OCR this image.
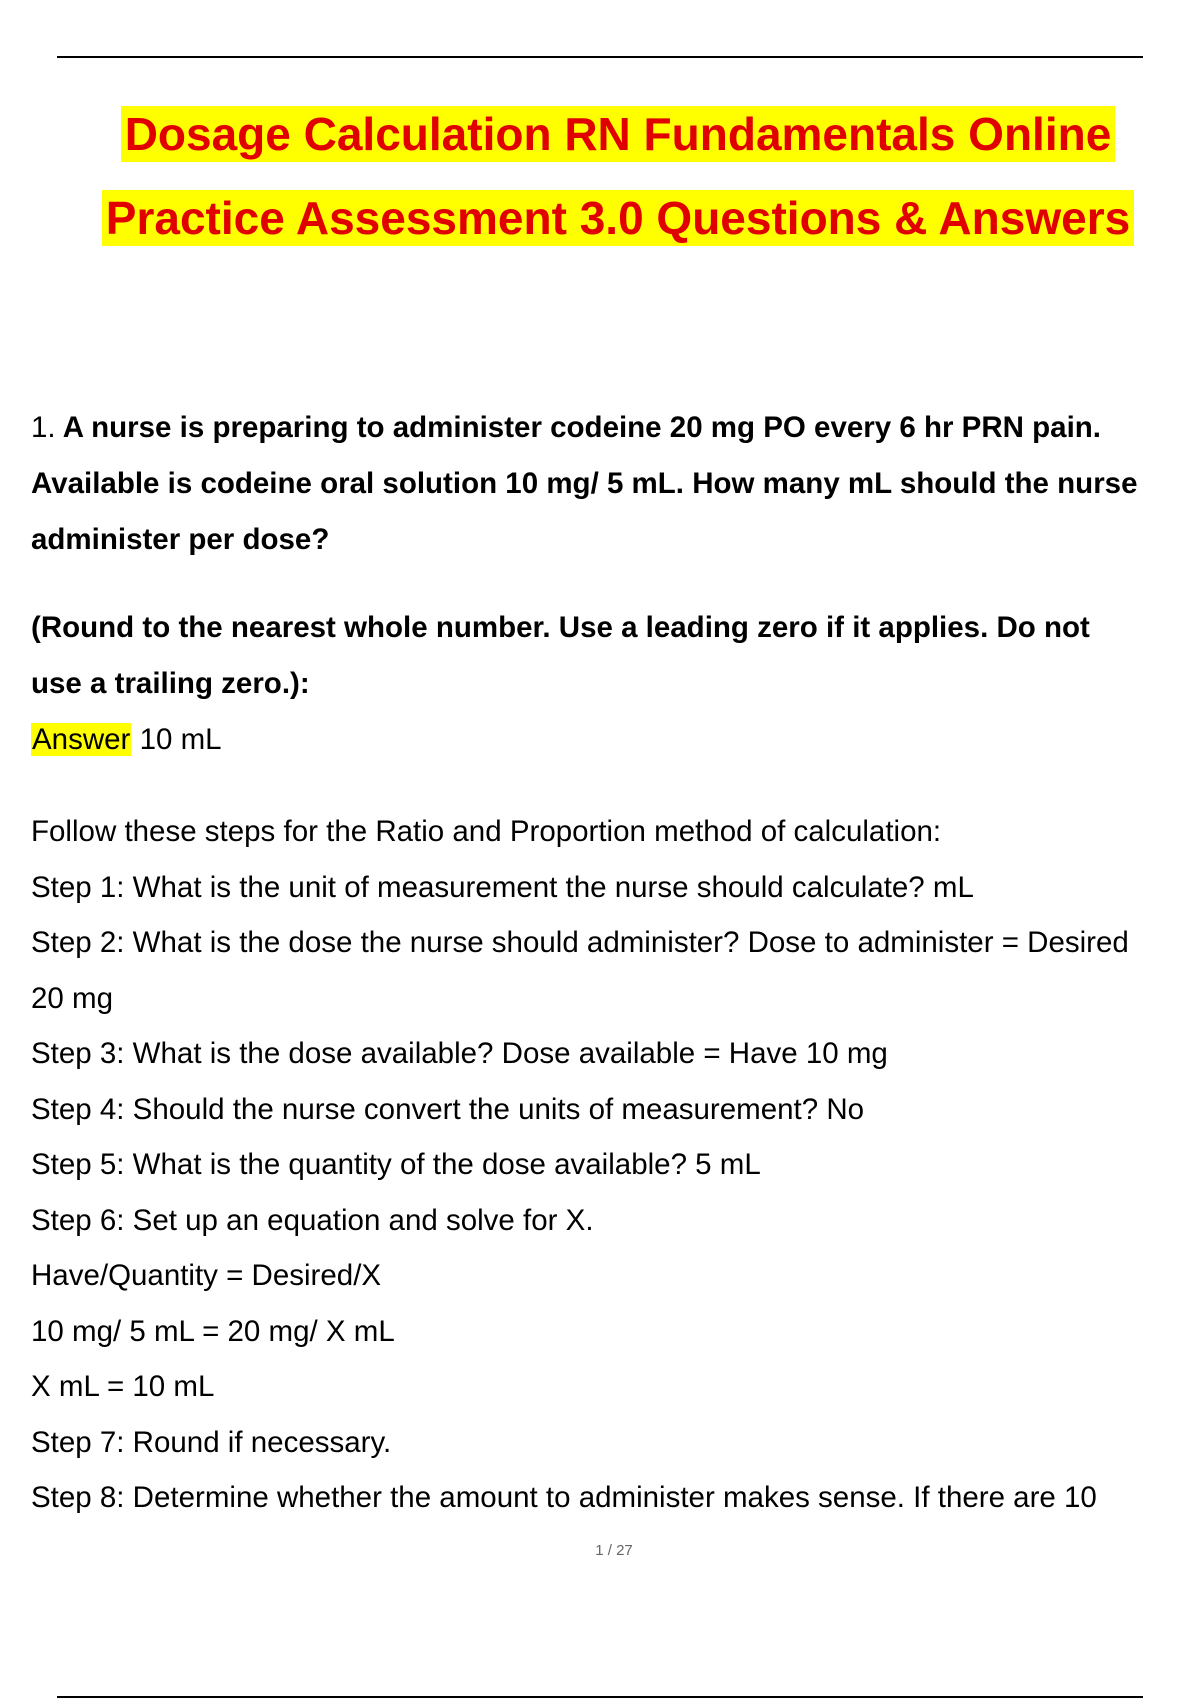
Dosage Calculation RN Fundamentals Online
Practice Assessment 3.0 Questions & Answers
1. A nurse is preparing to administer codeine 20 mg PO every 6 hr PRN pain.
Available is codeine oral solution 10 mg/ 5 mL. How many mL should the nurse
administer per dose?
(Round to the nearest whole number. Use a leading zero if it applies. Do not
use a trailing zero.):
Answer 10 mL
Follow these steps for the Ratio and Proportion method of calculation:
Step 1: What is the unit of measurement the nurse should calculate? mL
Step 2: What is the dose the nurse should administer? Dose to administer = Desired
20 mg
Step 3: What is the dose available? Dose available = Have 10 mg
Step 4: Should the nurse convert the units of measurement? No
Step 5: What is the quantity of the dose available? 5 mL
Step 6: Set up an equation and solve for X.
Have/Quantity = Desired/X
10 mg/ 5 mL = 20 mg/ X mL
X mL = 10 mL
Step 7: Round if necessary.
Step 8: Determine whether the amount to administer makes sense. If there are 10
1 / 27
